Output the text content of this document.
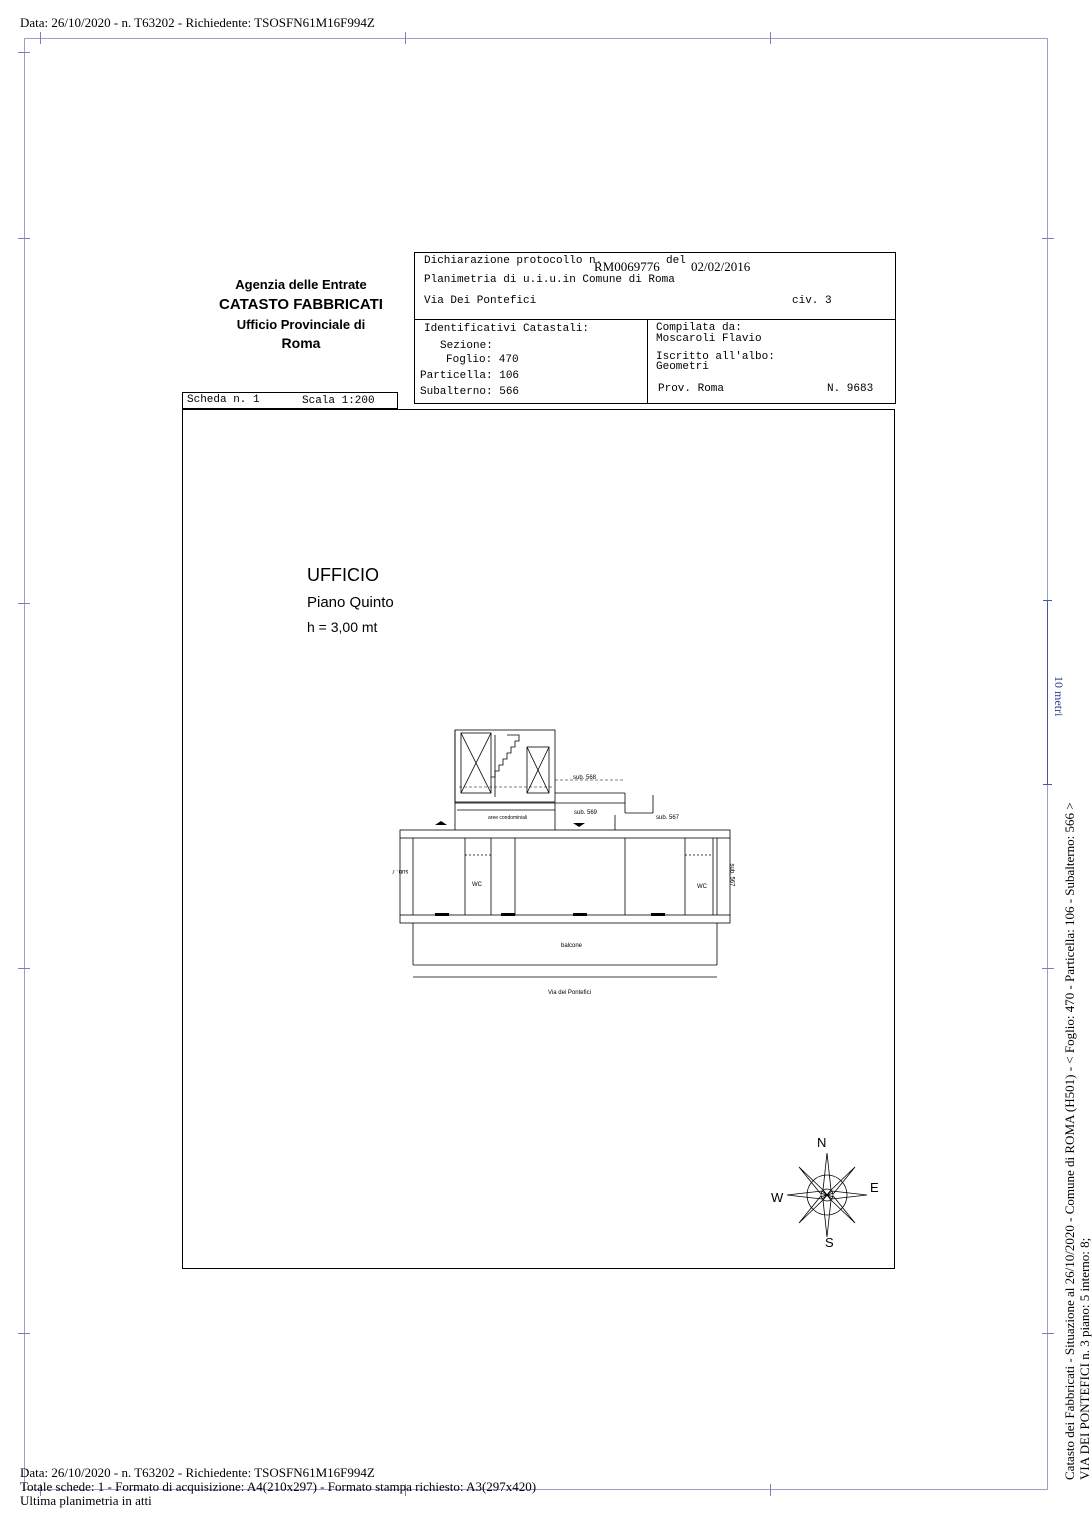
Data: 26/10/2020 - n. T63202 - Richiedente: TSOSFN61M16F994Z
Agenzia delle Entrate
CATASTO FABBRICATI
Ufficio Provinciale di
Roma
Dichiarazione protocollo n.
RM0069776 del 02/02/2016
Planimetria di u.i.u.in Comune di Roma
Via Dei Pontefici	civ. 3
Identificativi Catastali:
Sezione:
Foglio: 470
Particella: 106
Subalterno: 566
Compilata da:
Moscaroli Flavio
Iscritto all'albo:
Geometri
Prov. Roma	N. 9683
Scheda n. 1	Scala 1:200
UFFICIO
Piano Quinto
h = 3,00 mt
sub. 568
sub. 569
sub. 567
aree condominiali
WC	WC
balcone
Via dei Pontefici
sub. 7	sub. 567
N
E
S
W
10 metri
Catasto dei Fabbricati - Situazione al 26/10/2020 - Comune di ROMA (H501) - < Foglio: 470 - Particella: 106 - Subalterno: 566 > VIA DEI PONTEFICI n. 3 piano: 5 interno: 8;
Data: 26/10/2020 - n. T63202 - Richiedente: TSOSFN61M16F994Z
Totale schede: 1 - Formato di acquisizione: A4(210x297) - Formato stampa richiesto: A3(297x420)
Ultima planimetria in atti
